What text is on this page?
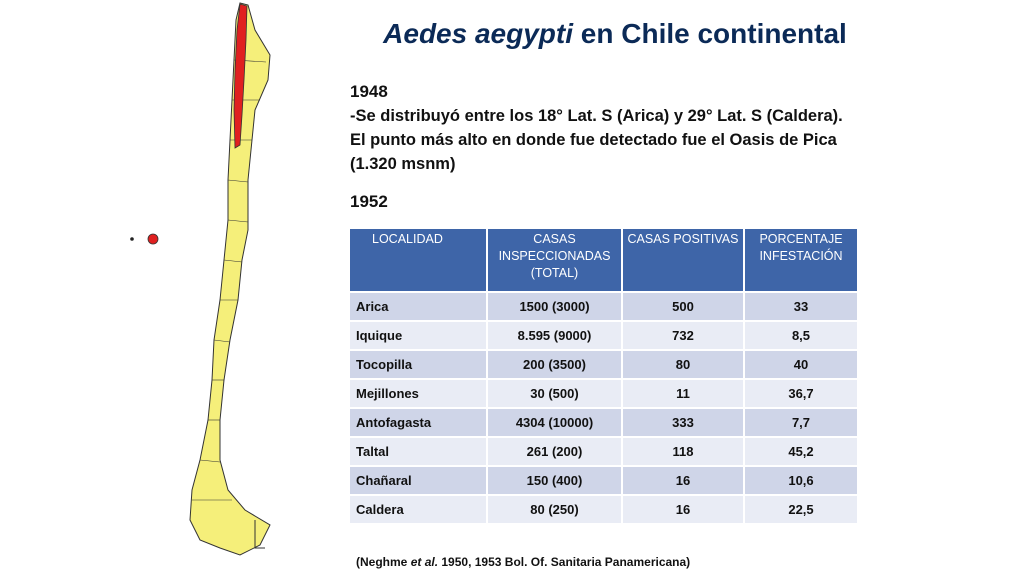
Aedes aegypti en Chile continental
1948
-Se distribuyó entre los 18° Lat. S (Arica) y 29° Lat. S (Caldera). El punto más alto en donde fue detectado fue el Oasis de Pica (1.320 msnm)
1952
LOCALIDAD	CASAS INSPECCIONADAS (TOTAL)	CASAS POSITIVAS	PORCENTAJE INFESTACIÓN
Arica	1500 (3000)	500	33
Iquique	8.595 (9000)	732	8,5
Tocopilla	200 (3500)	80	40
Mejillones	30 (500)	11	36,7
Antofagasta	4304 (10000)	333	7,7
Taltal	261 (200)	118	45,2
Chañaral	150 (400)	16	10,6
Caldera	80 (250)	16	22,5
(Neghme et al. 1950, 1953 Bol. Of. Sanitaria Panamericana)
